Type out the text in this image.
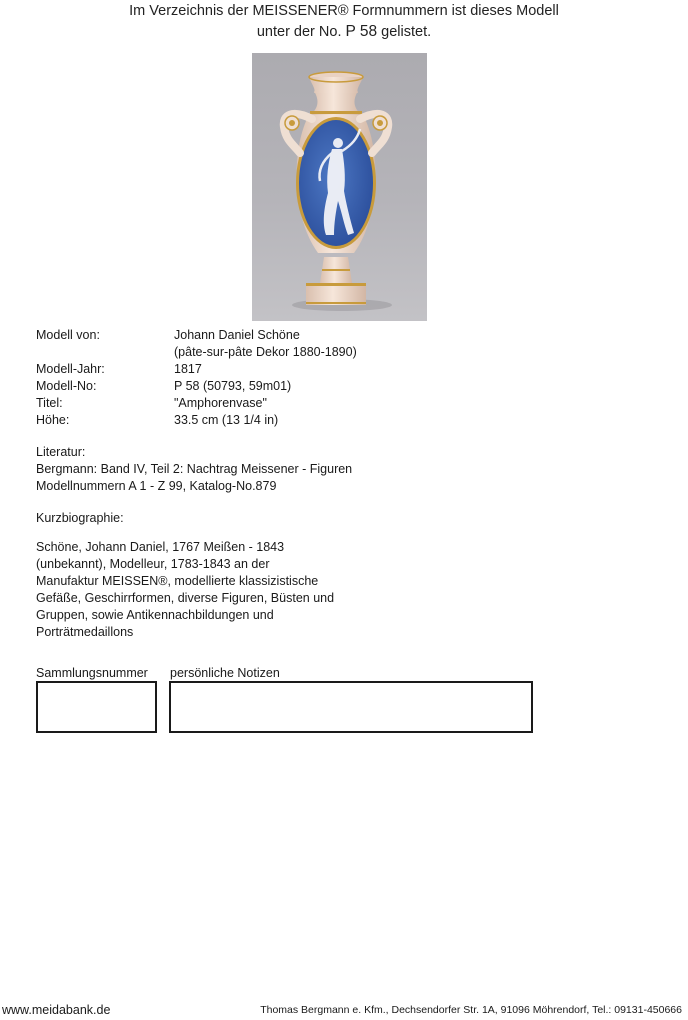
Im Verzeichnis der MEISSENER® Formnummern ist dieses Modell
unter der No. P 58 gelistet.
Modell von:	Johann Daniel Schöne
(pâte-sur-pâte Dekor 1880-1890)
Modell-Jahr:	1817
Modell-No:	P 58 (50793, 59m01)
Titel:	"Amphorenvase"
Höhe:	33.5 cm (13 1/4 in)
Literatur:
Bergmann: Band IV, Teil 2: Nachtrag Meissener - Figuren
Modellnummern A 1 - Z 99, Katalog-No.879
Kurzbiographie:
Schöne, Johann Daniel, 1767 Meißen - 1843
(unbekannt), Modelleur, 1783-1843 an der
Manufaktur MEISSEN®, modellierte klassizistische
Gefäße, Geschirrformen, diverse Figuren, Büsten und
Gruppen, sowie Antikennachbildungen und
Porträtmedaillons
Sammlungsnummer persönliche Notizen
www.meidabank.de	Thomas Bergmann e. Kfm., Dechsendorfer Str. 1A, 91096 Möhrendorf, Tel.: 09131-450666
